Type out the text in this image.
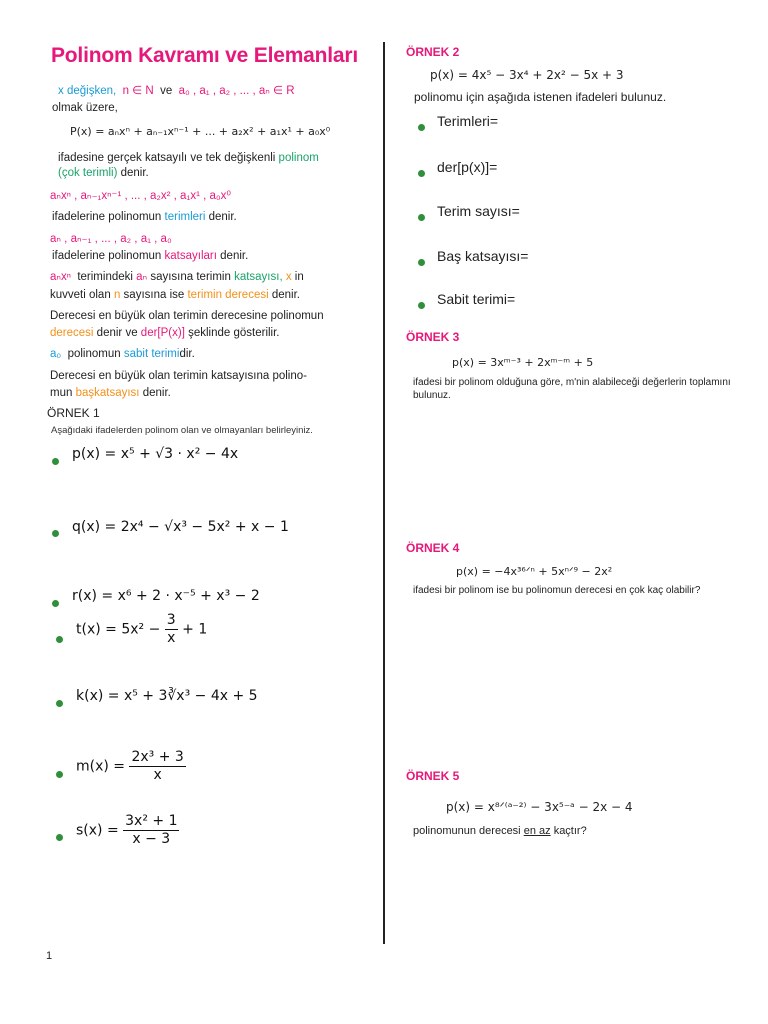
Polinom Kavramı ve Elemanları
x değişken, n ∈ N ve a₀ , a₁ , a₂ , ... , aₙ ∈ R
olmak üzere,
P(x) = aₙxⁿ + aₙ₋₁xⁿ⁻¹ + ... + a₂x² + a₁x¹ + a₀x⁰
ifadesine gerçek katsayılı ve tek değişkenli polinom
(çok terimli) denir.
aₙxⁿ , aₙ₋₁xⁿ⁻¹ , ... , a₂x² , a₁x¹ , a₀x⁰
ifadelerine polinomun terimleri denir.
aₙ , aₙ₋₁ , ... , a₂ , a₁ , a₀
ifadelerine polinomun katsayıları denir.
aₙxⁿ terimindeki aₙ sayısına terimin katsayısı, x in
kuvveti olan n sayısına ise terimin derecesi denir.
Derecesi en büyük olan terimin derecesine polinomun
derecesi denir ve der[P(x)] şeklinde gösterilir.
a₀ polinomun sabit terimidir.
Derecesi en büyük olan terimin katsayısına polino-
mun başkatsayısı denir.
ÖRNEK 1
Aşağıdaki ifadelerden polinom olan ve olmayanları belirleyiniz.
p(x) = x⁵ + √3 · x² − 4x
q(x) = 2x⁴ − √x³ − 5x² + x − 1
r(x) = x⁶ + 2 · x⁻⁵ + x³ − 2
$t(x) = 5x^2 - \frac{3}{x} + 1$
k(x) = x⁵ + 3∛x³ − 4x + 5
$m(x) = \frac{\text{2x³ + 3}}{x}$
$s(x) = \frac{\text{3x² + 1}}{x - 3}$
ÖRNEK 2
p(x) = 4x⁵ − 3x⁴ + 2x² − 5x + 3
polinomu için aşağıda istenen ifadeleri bulunuz.
Terimleri=
der[p(x)]=
Terim sayısı=
Baş katsayısı=
Sabit terimi=
ÖRNEK 3
p(x) = 3xᵐ⁻³ + 2xᵐ⁻ᵐ + 5
ifadesi bir polinom olduğuna göre, m'nin alabileceği değerlerin toplamını
bulunuz.
ÖRNEK 4
p(x) = −4x³⁶ᐟⁿ + 5xⁿᐟ⁹ − 2x²
ifadesi bir polinom ise bu polinomun derecesi en çok kaç olabilir?
ÖRNEK 5
p(x) = x⁸ᐟ⁽ᵃ⁻²⁾ − 3x⁵⁻ᵃ − 2x − 4
polinomunun derecesi en az kaçtır?
1
